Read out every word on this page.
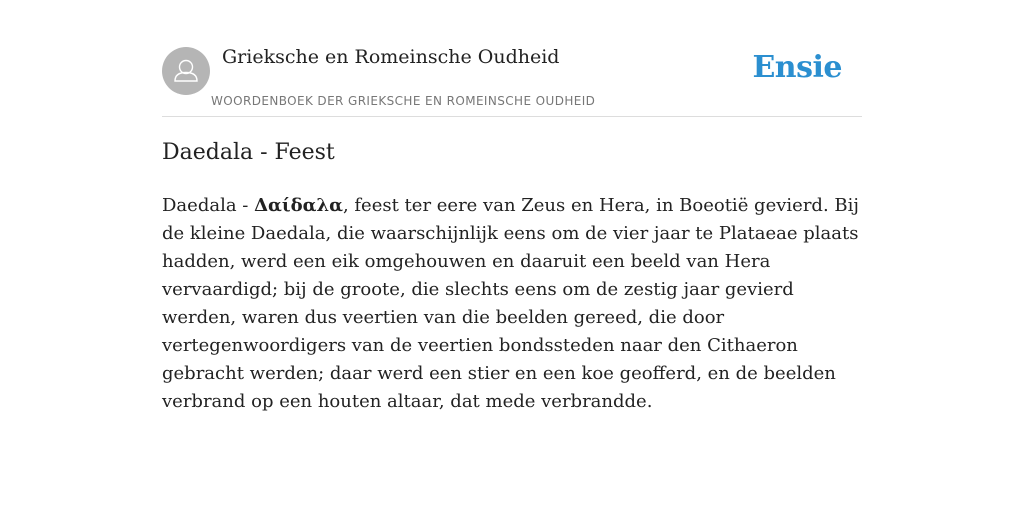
Grieksche en Romeinsche Oudheid
WOORDENBOEK DER GRIEKSCHE EN ROMEINSCHE OUDHEID
Ensie
Daedala - Feest

Daedala - Δαίδαλα, feest ter eere van Zeus en Hera, in Boeotië gevierd. Bij de kleine Daedala, die waarschijnlijk eens om de vier jaar te Plataeae plaats hadden, werd een eik omgehouwen en daaruit een beeld van Hera vervaardigd; bij de groote, die slechts eens om de zestig jaar gevierd werden, waren dus veertien van die beelden gereed, die door vertegenwoordigers van de veertien bondssteden naar den Cithaeron gebracht werden; daar werd een stier en een koe geofferd, en de beelden verbrand op een houten altaar, dat mede verbrandde.
